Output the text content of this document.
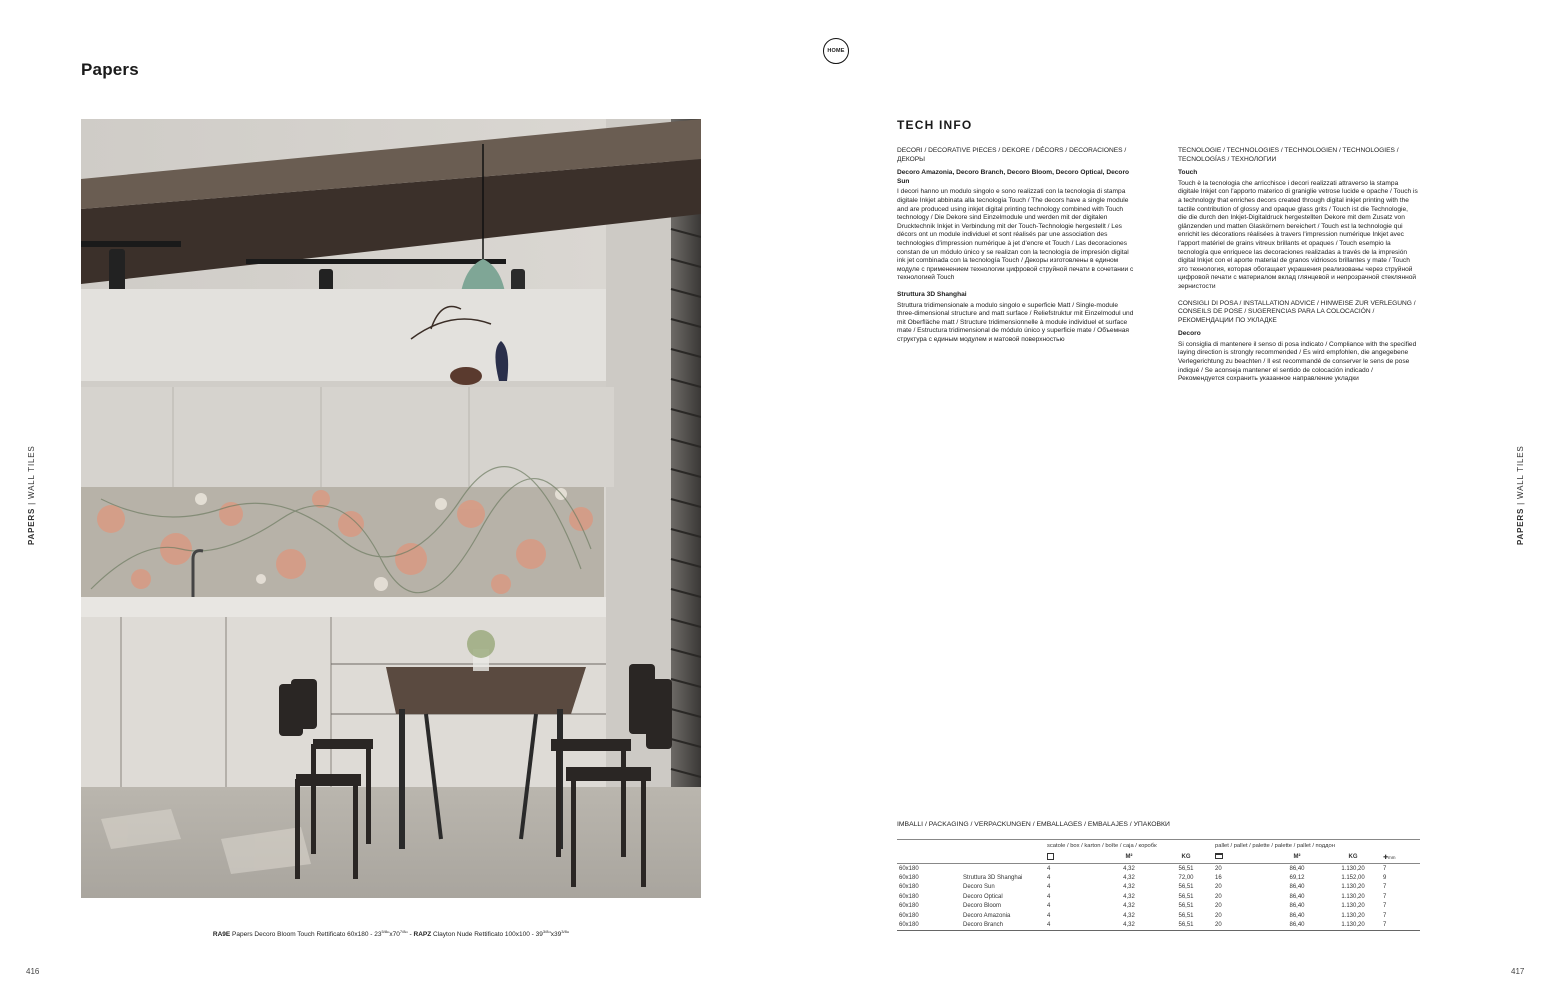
Papers
HOME
PAPERS | WALL TILES
PAPERS | WALL TILES
RA9E Papers Decoro Bloom Touch Rettificato $60x180 - 23^{5/8}"x70^{7/8}$" - RAPZ Clayton Nude Rettificato $100x100 - 39^{3/8}"x39^{3/8}$"
416	417
TECH INFO
DECORI / DECORATIVE PIECES / DEKORE / DÉCORS / DECORACIONES / ДЕКОРЫ
Decoro Amazonia, Decoro Branch, Decoro Bloom, Decoro Optical, Decoro Sun
I decori hanno un modulo singolo e sono realizzati con la tecnologia di stampa digitale Inkjet abbinata alla tecnologia Touch / The decors have a single module and are produced using inkjet digital printing technology combined with Touch technology / Die Dekore sind Einzelmodule und werden mit der digitalen Drucktechnik Inkjet in Verbindung mit der Touch-Technologie hergestellt / Les décors ont un module individuel et sont réalisés par une association des technologies d'impression numérique à jet d'encre et Touch / Las decoraciones constan de un módulo único y se realizan con la tecnología de impresión digital ink jet combinada con la tecnología Touch / Декоры изготовлены в едином модуле с применением технологии цифровой струйной печати в сочетании с технологией Touch
Struttura 3D Shanghai
Struttura tridimensionale a modulo singolo e superficie Matt / Single-module three-dimensional structure and matt surface / Reliefstruktur mit Einzelmodul und mit Oberfläche matt / Structure tridimensionnelle à module individuel et surface mate / Estructura tridimensional de módulo único y superficie mate / Объемная структура с единым модулем и матовой поверхностью
TECNOLOGIE / TECHNOLOGIES / TECHNOLOGIEN / TECHNOLOGIES / TECNOLOGÍAS / ТЕХНОЛОГИИ
Touch
Touch è la tecnologia che arricchisce i decori realizzati attraverso la stampa digitale Inkjet con l'apporto materico di graniglie vetrose lucide e opache / Touch is a technology that enriches decors created through digital inkjet printing with the tactile contribution of glossy and opaque glass grits / Touch ist die Technologie, die die durch den Inkjet-Digitaldruck hergestellten Dekore mit dem Zusatz von glänzenden und matten Glaskörnern bereichert / Touch est la technologie qui enrichit les décorations réalisées à travers l'impression numérique Inkjet avec l'apport matériel de grains vitreux brillants et opaques / Touch esempio la tecnología que enriquece las decoraciones realizadas a través de la impresión digital Inkjet con el aporte material de granos vidriosos brillantes y mate / Touch это технология, которая обогащает украшения реализованы через струйной цифровой печати с материалом вклад глянцевой и непрозрачной стеклянной зернистости
CONSIGLI DI POSA / INSTALLATION ADVICE / HINWEISE ZUR VERLEGUNG / CONSEILS DE POSE / SUGERENCIAS PARA LA COLOCACIÓN / РЕКОМЕНДАЦИИ ПО УКЛАДКЕ
Decoro
Si consiglia di mantenere il senso di posa indicato / Compliance with the specified laying direction is strongly recommended / Es wird empfohlen, die angegebene Verlegerichtung zu beachten / Il est recommandé de conserver le sens de pose indiqué / Se aconseja mantener el sentido de colocación indicado / Рекомендуется сохранить указанное направление укладки
IMBALLI / PACKAGING / VERPACKUNGEN / EMBALLAGES / EMBALAJES / УПАКОВКИ
		scatole / box / karton / boîte / caja / коробк			pallet / pallet / palette / palette / pallet / поддон			
			M²	KG		M²	KG	✚mm
60x180		4	4,32	56,51	20	86,40	1.130,20	7
60x180	Struttura 3D Shanghai	4	4,32	72,00	16	69,12	1.152,00	9
60x180	Decoro Sun	4	4,32	56,51	20	86,40	1.130,20	7
60x180	Decoro Optical	4	4,32	56,51	20	86,40	1.130,20	7
60x180	Decoro Bloom	4	4,32	56,51	20	86,40	1.130,20	7
60x180	Decoro Amazonia	4	4,32	56,51	20	86,40	1.130,20	7
60x180	Decoro Branch	4	4,32	56,51	20	86,40	1.130,20	7
